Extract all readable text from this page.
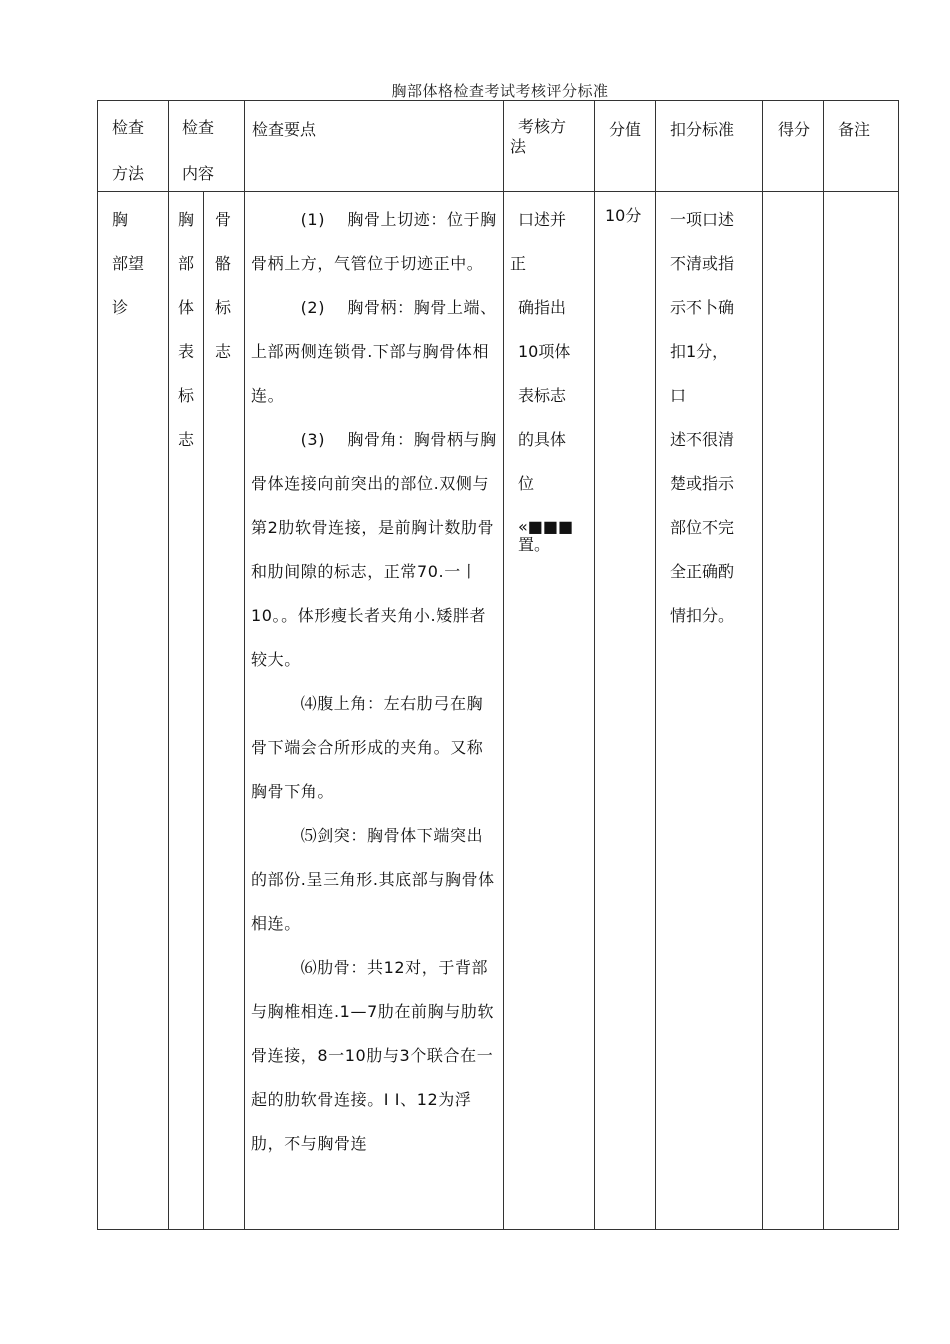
胸部体格检查考试考核评分标准
检查
方法
检查
内容
检查要点	考核方
法
分值 扣分标准	得分 备注
胸
部望
诊
胸
部
体
表
标
志
骨
骼
标
志

(1)　 胸骨上切迹：位于胸骨柄上方，气管位于切迹正中。

(2)　 胸骨柄：胸骨上端、上部两侧连锁骨.下部与胸骨体相连。

(3)　 胸骨角：胸骨柄与胸骨体连接向前突出的部位.双侧与第2肋软骨连接，是前胸计数肋骨和肋间隙的标志，正常70.一丨10。。体形瘦长者夹角小.矮胖者较大。

⑷腹上角：左右肋弓在胸骨下端会合所形成的夹角。又称胸骨下角。

⑸剑突：胸骨体下端突出的部份.呈三角形.其底部与胸骨体相连。

⑹肋骨：共12对，于背部与胸椎相连.1—7肋在前胸与肋软骨连接，8一10肋与3个联合在一起的肋软骨连接。I I、12为浮肋，不与胸骨连

口述并
正
确指出
10项体
表标志
的具体
位
«■■■
置。
10分 一项口述
不清或指
示不卜确
扣1分，
口
述不很清
楚或指示
部位不完
全正确酌
情扣分。
